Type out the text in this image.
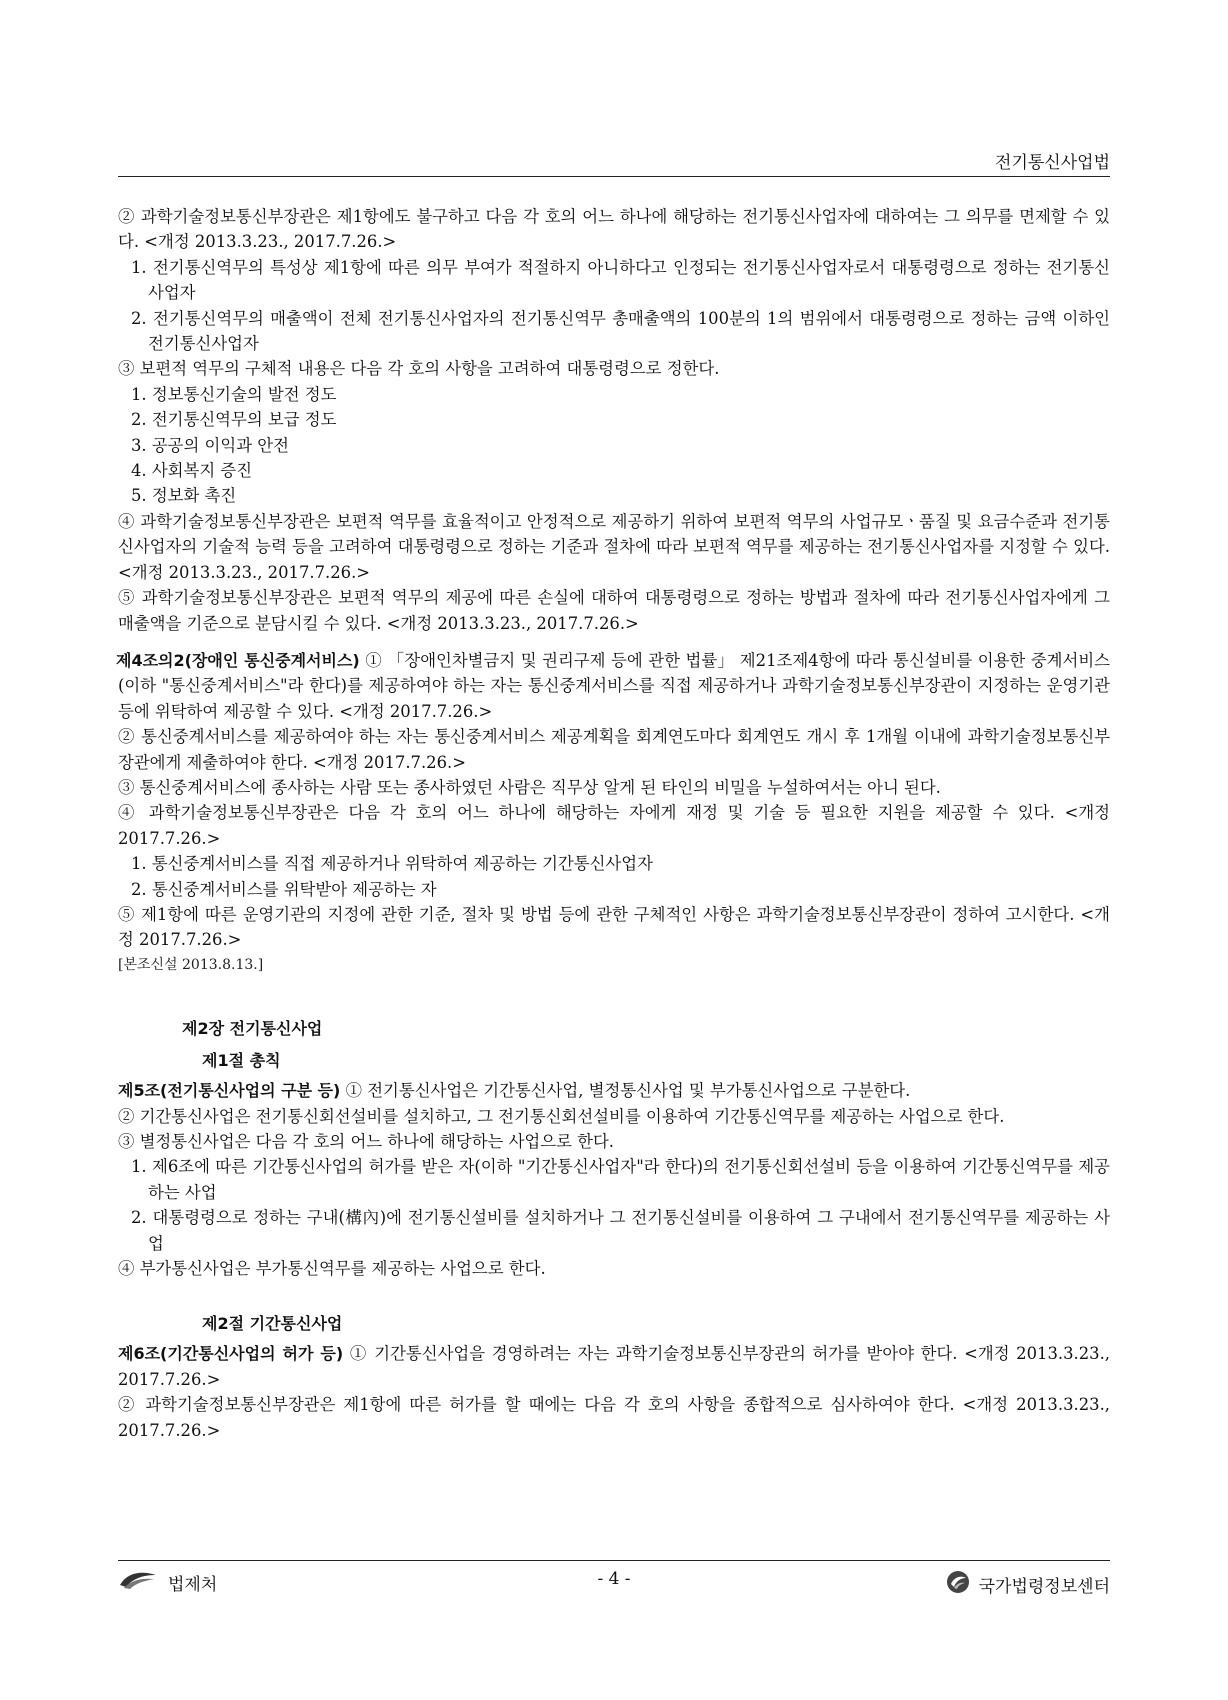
전기통신사업법

② 과학기술정보통신부장관은 제1항에도 불구하고 다음 각 호의 어느 하나에 해당하는 전기통신사업자에 대하여는 그 의무를 면제할 수 있다. <개정 2013.3.23., 2017.7.26.>

1. 전기통신역무의 특성상 제1항에 따른 의무 부여가 적절하지 아니하다고 인정되는 전기통신사업자로서 대통령령으로 정하는 전기통신사업자

2. 전기통신역무의 매출액이 전체 전기통신사업자의 전기통신역무 총매출액의 100분의 1의 범위에서 대통령령으로 정하는 금액 이하인 전기통신사업자

③ 보편적 역무의 구체적 내용은 다음 각 호의 사항을 고려하여 대통령령으로 정한다.

1. 정보통신기술의 발전 정도

2. 전기통신역무의 보급 정도

3. 공공의 이익과 안전

4. 사회복지 증진

5. 정보화 촉진

④ 과학기술정보통신부장관은 보편적 역무를 효율적이고 안정적으로 제공하기 위하여 보편적 역무의 사업규모ㆍ품질 및 요금수준과 전기통신사업자의 기술적 능력 등을 고려하여 대통령령으로 정하는 기준과 절차에 따라 보편적 역무를 제공하는 전기통신사업자를 지정할 수 있다. <개정 2013.3.23., 2017.7.26.>

⑤ 과학기술정보통신부장관은 보편적 역무의 제공에 따른 손실에 대하여 대통령령으로 정하는 방법과 절차에 따라 전기통신사업자에게 그 매출액을 기준으로 분담시킬 수 있다. <개정 2013.3.23., 2017.7.26.>

제4조의2(장애인 통신중계서비스) ① 「장애인차별금지 및 권리구제 등에 관한 법률」 제21조제4항에 따라 통신설비를 이용한 중계서비스(이하 "통신중계서비스"라 한다)를 제공하여야 하는 자는 통신중계서비스를 직접 제공하거나 과학기술정보통신부장관이 지정하는 운영기관 등에 위탁하여 제공할 수 있다. <개정 2017.7.26.>

② 통신중계서비스를 제공하여야 하는 자는 통신중계서비스 제공계획을 회계연도마다 회계연도 개시 후 1개월 이내에 과학기술정보통신부장관에게 제출하여야 한다. <개정 2017.7.26.>

③ 통신중계서비스에 종사하는 사람 또는 종사하였던 사람은 직무상 알게 된 타인의 비밀을 누설하여서는 아니 된다.

④ 과학기술정보통신부장관은 다음 각 호의 어느 하나에 해당하는 자에게 재정 및 기술 등 필요한 지원을 제공할 수 있다. <개정 2017.7.26.>

1. 통신중계서비스를 직접 제공하거나 위탁하여 제공하는 기간통신사업자

2. 통신중계서비스를 위탁받아 제공하는 자

⑤ 제1항에 따른 운영기관의 지정에 관한 기준, 절차 및 방법 등에 관한 구체적인 사항은 과학기술정보통신부장관이 정하여 고시한다. <개정 2017.7.26.>

[본조신설 2013.8.13.]

제2장 전기통신사업
제1절 총칙

제5조(전기통신사업의 구분 등) ① 전기통신사업은 기간통신사업, 별정통신사업 및 부가통신사업으로 구분한다.

② 기간통신사업은 전기통신회선설비를 설치하고, 그 전기통신회선설비를 이용하여 기간통신역무를 제공하는 사업으로 한다.

③ 별정통신사업은 다음 각 호의 어느 하나에 해당하는 사업으로 한다.

1. 제6조에 따른 기간통신사업의 허가를 받은 자(이하 "기간통신사업자"라 한다)의 전기통신회선설비 등을 이용하여 기간통신역무를 제공하는 사업

2. 대통령령으로 정하는 구내(構內)에 전기통신설비를 설치하거나 그 전기통신설비를 이용하여 그 구내에서 전기통신역무를 제공하는 사업

④ 부가통신사업은 부가통신역무를 제공하는 사업으로 한다.

제2절 기간통신사업

제6조(기간통신사업의 허가 등) ① 기간통신사업을 경영하려는 자는 과학기술정보통신부장관의 허가를 받아야 한다. <개정 2013.3.23., 2017.7.26.>

② 과학기술정보통신부장관은 제1항에 따른 허가를 할 때에는 다음 각 호의 사항을 종합적으로 심사하여야 한다. <개정 2013.3.23., 2017.7.26.>

법제처	- 4 -	국가법령정보센터
